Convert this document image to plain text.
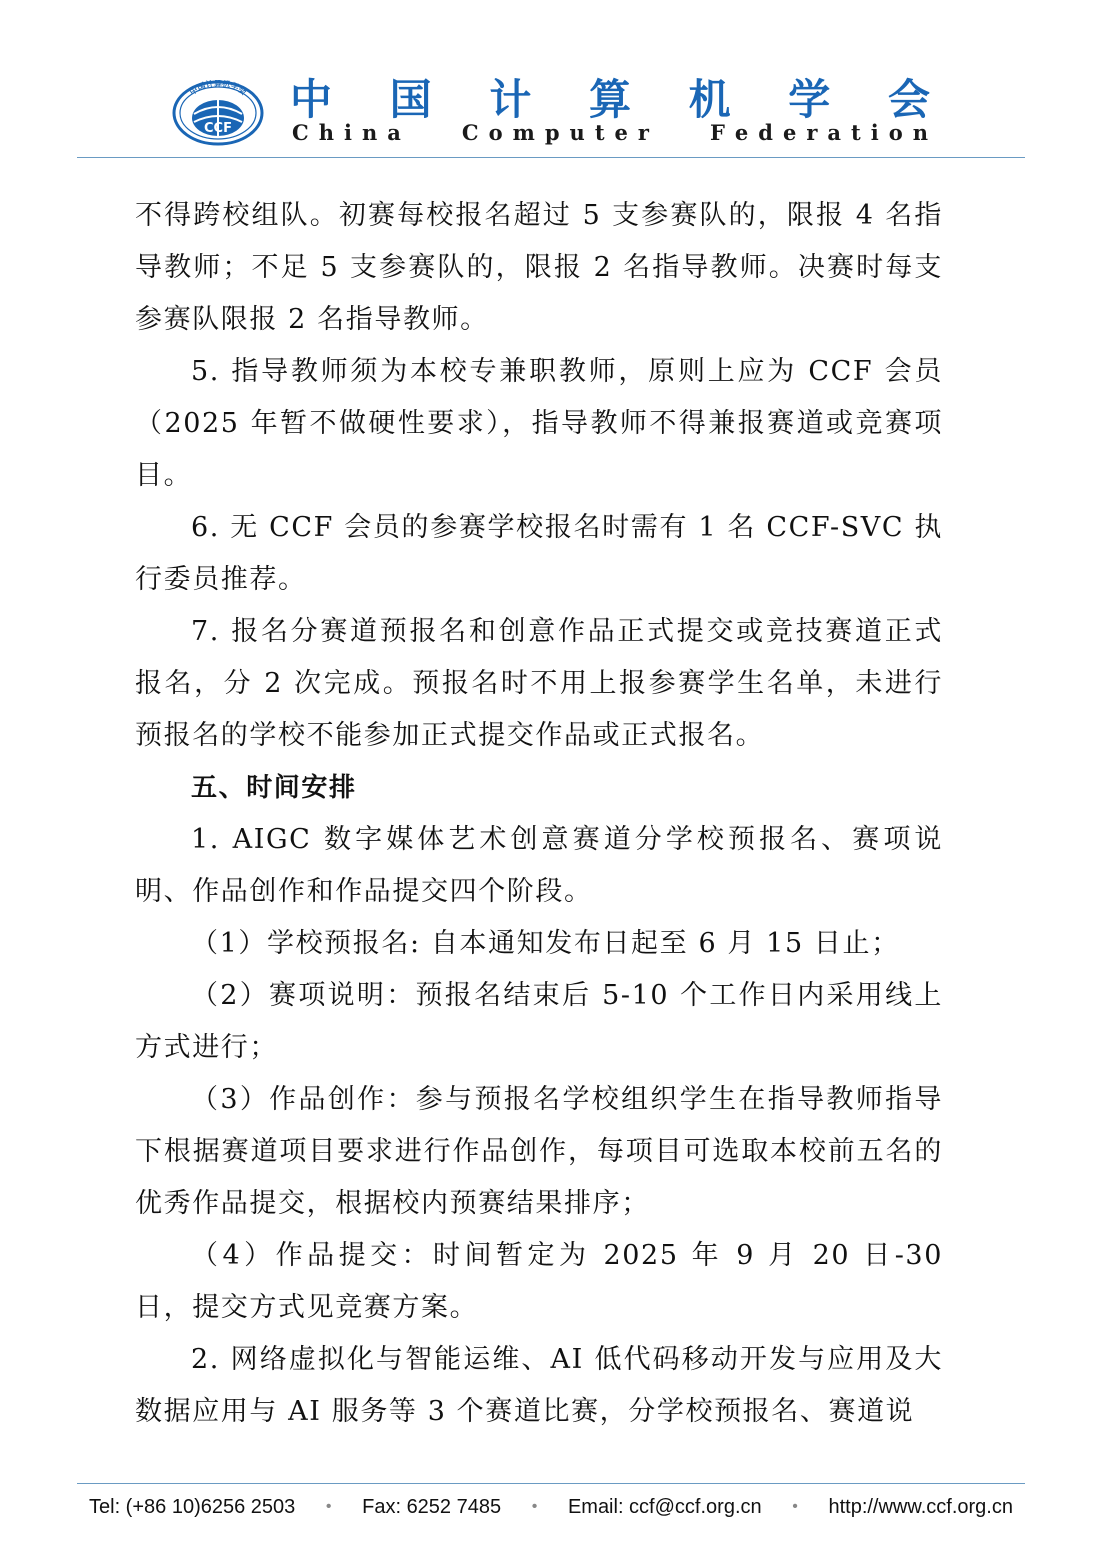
中国计算机学会
CCF
中 国 计 算 机 学 会
C h i n a	C o m p u t e r	F e d e r a t i o n

不得跨校组队。初赛每校报名超过 5 支参赛队的，限报 4 名指导教师；不足 5 支参赛队的，限报 2 名指导教师。决赛时每支参赛队限报 2 名指导教师。

5. 指导教师须为本校专兼职教师，原则上应为 CCF 会员（2025 年暂不做硬性要求），指导教师不得兼报赛道或竞赛项目。

6. 无 CCF 会员的参赛学校报名时需有 1 名 CCF-SVC 执行委员推荐。

7. 报名分赛道预报名和创意作品正式提交或竞技赛道正式报名，分 2 次完成。预报名时不用上报参赛学生名单，未进行预报名的学校不能参加正式提交作品或正式报名。

五、时间安排

1. AIGC 数字媒体艺术创意赛道分学校预报名、赛项说明、作品创作和作品提交四个阶段。

（1）学校预报名: 自本通知发布日起至 6 月 15 日止；

（2）赛项说明：预报名结束后 5-10 个工作日内采用线上方式进行；

（3）作品创作：参与预报名学校组织学生在指导教师指导下根据赛道项目要求进行作品创作，每项目可选取本校前五名的优秀作品提交，根据校内预赛结果排序；

（4）作品提交：时间暂定为 2025 年 9 月 20 日-30 日，提交方式见竞赛方案。

2. 网络虚拟化与智能运维、AI 低代码移动开发与应用及大数据应用与 AI 服务等 3 个赛道比赛，分学校预报名、赛道说

Tel: (+86 10)6256 2503 • Fax: 6252 7485 • Email: ccf@ccf.org.cn • http://www.ccf.org.cn
